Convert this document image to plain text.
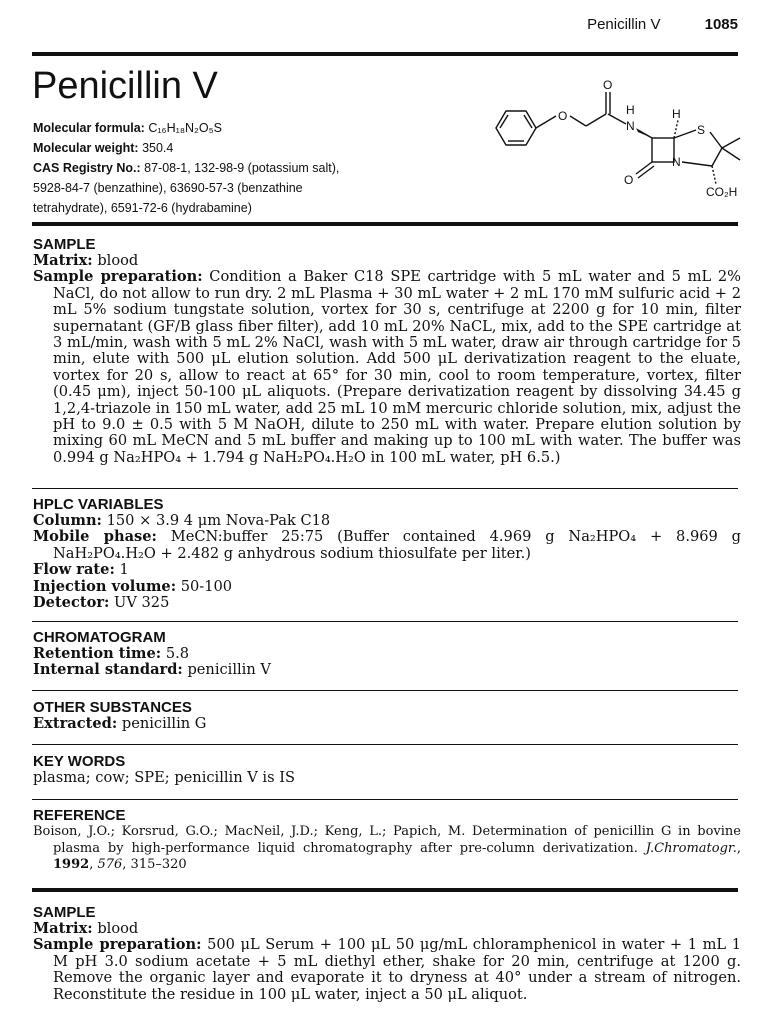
Penicillin V	1085
Penicillin V
Molecular formula: C₁₆H₁₈N₂O₅S
Molecular weight: 350.4
CAS Registry No.: 87-08-1, 132-98-9 (potassium salt),
5928-84-7 (benzathine), 63690-57-3 (benzathine
tetrahydrate), 6591-72-6 (hydrabamine)
O
O
H
N
H
S
N
O
CO₂H

SAMPLE

Matrix: blood

Sample preparation: Condition a Baker C18 SPE cartridge with 5 mL water and 5 mL 2% NaCl, do not allow to run dry. 2 mL Plasma + 30 mL water + 2 mL 170 mM sulfuric acid + 2 mL 5% sodium tungstate solution, vortex for 30 s, centrifuge at 2200 g for 10 min, filter supernatant (GF/B glass fiber filter), add 10 mL 20% NaCL, mix, add to the SPE cartridge at 3 mL/min, wash with 5 mL 2% NaCl, wash with 5 mL water, draw air through cartridge for 5 min, elute with 500 μL elution solution. Add 500 μL derivatization reagent to the eluate, vortex for 20 s, allow to react at 65° for 30 min, cool to room temperature, vortex, filter (0.45 μm), inject 50-100 μL aliquots. (Prepare derivatization reagent by dissolving 34.45 g 1,2,4-triazole in 150 mL water, add 25 mL 10 mM mercuric chloride solution, mix, adjust the pH to 9.0 ± 0.5 with 5 M NaOH, dilute to 250 mL with water. Prepare elution solution by mixing 60 mL MeCN and 5 mL buffer and making up to 100 mL with water. The buffer was 0.994 g Na₂HPO₄ + 1.794 g NaH₂PO₄.H₂O in 100 mL water, pH 6.5.)

HPLC VARIABLES

Column: 150 × 3.9 4 μm Nova-Pak C18

Mobile phase: MeCN:buffer 25:75 (Buffer contained 4.969 g Na₂HPO₄ + 8.969 g NaH₂PO₄.H₂O + 2.482 g anhydrous sodium thiosulfate per liter.)

Flow rate: 1

Injection volume: 50-100

Detector: UV 325

CHROMATOGRAM

Retention time: 5.8

Internal standard: penicillin V

OTHER SUBSTANCES

Extracted: penicillin G

KEY WORDS

plasma; cow; SPE; penicillin V is IS

REFERENCE

Boison, J.O.; Korsrud, G.O.; MacNeil, J.D.; Keng, L.; Papich, M. Determination of penicillin G in bovine plasma by high-performance liquid chromatography after pre-column derivatization. J.Chromatogr., 1992, 576, 315–320

SAMPLE

Matrix: blood

Sample preparation: 500 μL Serum + 100 μL 50 μg/mL chloramphenicol in water + 1 mL 1 M pH 3.0 sodium acetate + 5 mL diethyl ether, shake for 20 min, centrifuge at 1200 g. Remove the organic layer and evaporate it to dryness at 40° under a stream of nitrogen. Reconstitute the residue in 100 μL water, inject a 50 μL aliquot.
